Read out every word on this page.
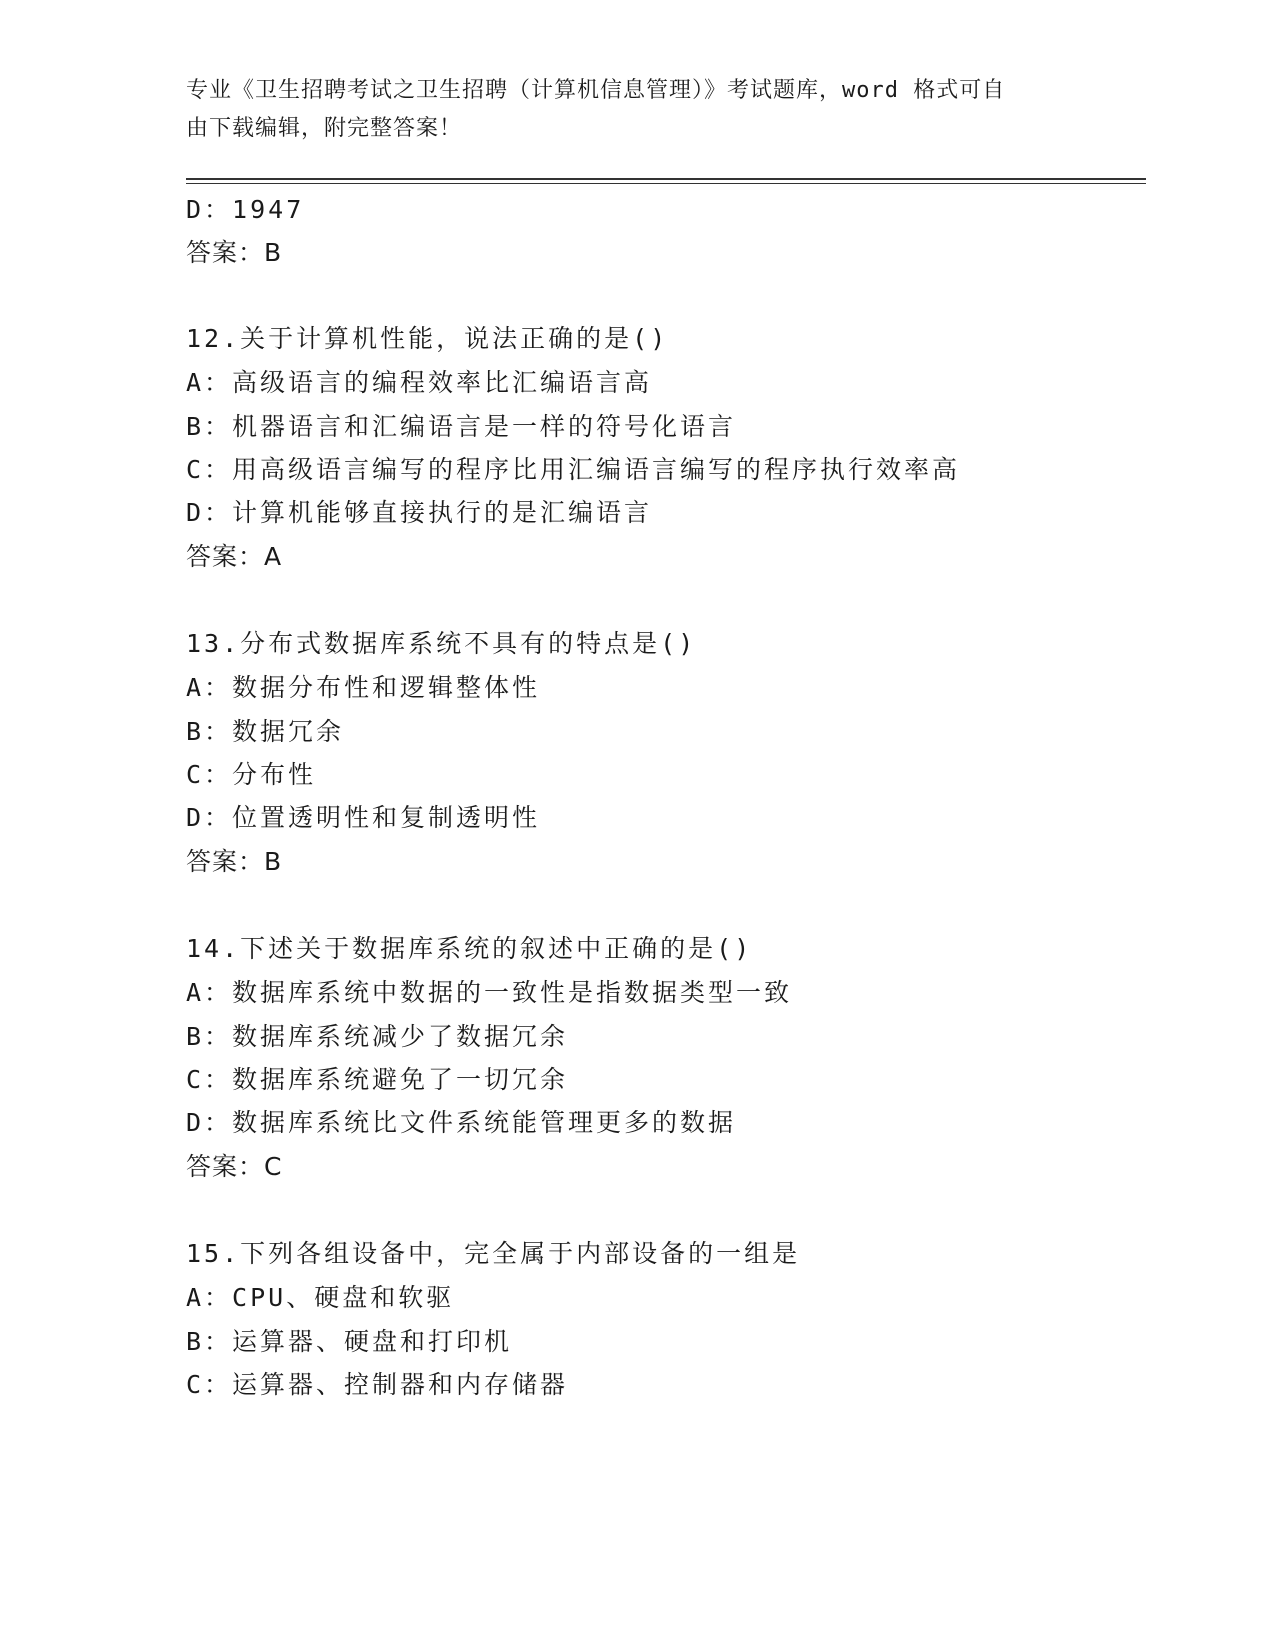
专业《卫生招聘考试之卫生招聘（计算机信息管理）》考试题库，word 格式可自
由下载编辑，附完整答案！
D：1947
答案：B
12.关于计算机性能，说法正确的是()
A：高级语言的编程效率比汇编语言高
B：机器语言和汇编语言是一样的符号化语言
C：用高级语言编写的程序比用汇编语言编写的程序执行效率高
D：计算机能够直接执行的是汇编语言
答案：A
13.分布式数据库系统不具有的特点是()
A：数据分布性和逻辑整体性
B：数据冗余
C：分布性
D：位置透明性和复制透明性
答案：B
14.下述关于数据库系统的叙述中正确的是()
A：数据库系统中数据的一致性是指数据类型一致
B：数据库系统减少了数据冗余
C：数据库系统避免了一切冗余
D：数据库系统比文件系统能管理更多的数据
答案：C
15.下列各组设备中，完全属于内部设备的一组是
A：CPU、硬盘和软驱
B：运算器、硬盘和打印机
C：运算器、控制器和内存储器
